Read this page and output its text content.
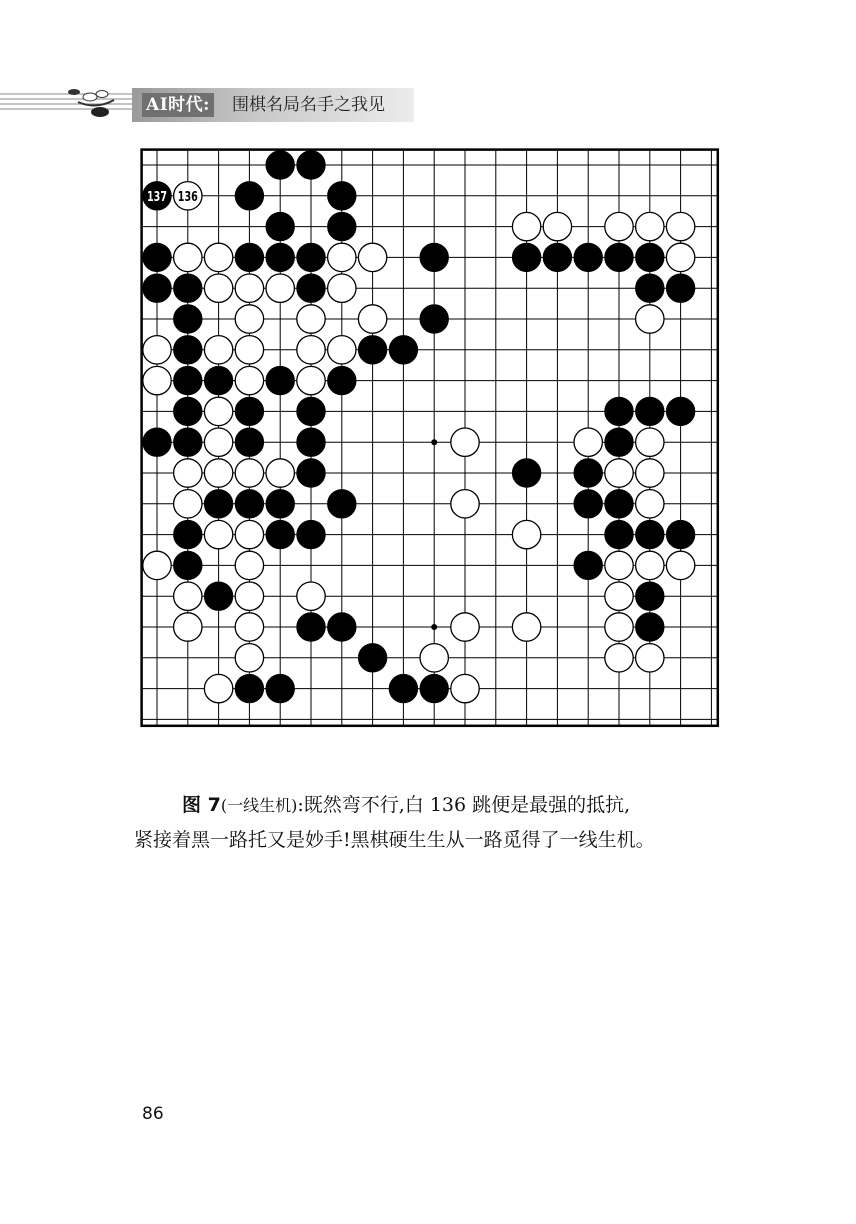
AI时代: 围棋名局名手之我见
136
137
图 7(一线生机):既然弯不行,白 136 跳便是最强的抵抗,
紧接着黑一路托又是妙手!黑棋硬生生从一路觅得了一线生机。
86
